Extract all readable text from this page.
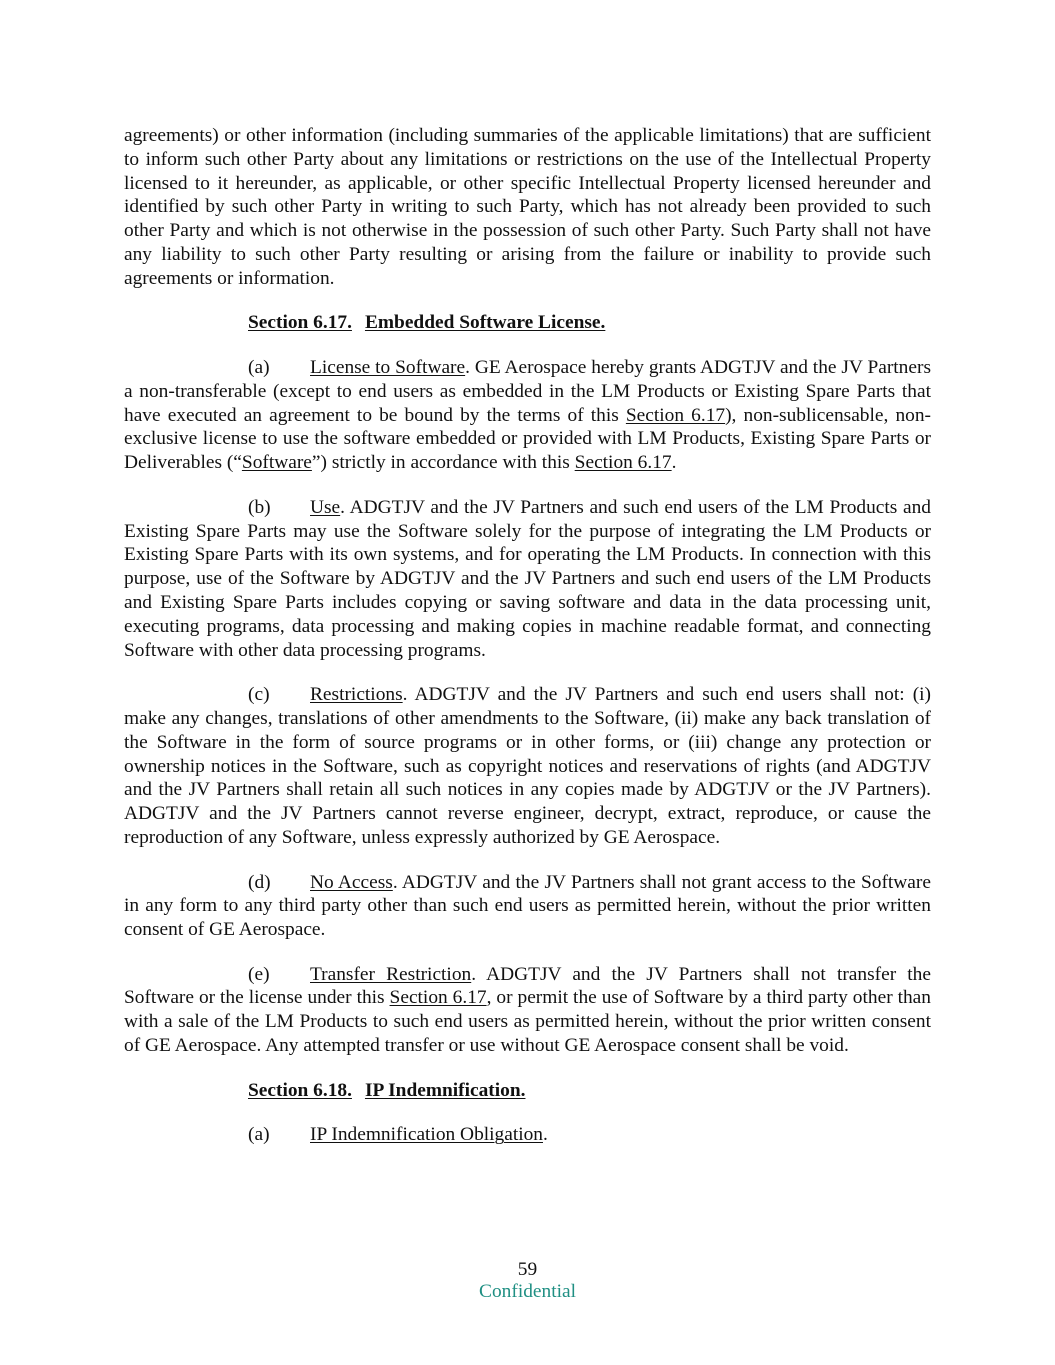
agreements) or other information (including summaries of the applicable limitations) that are sufficient to inform such other Party about any limitations or restrictions on the use of the Intellectual Property licensed to it hereunder, as applicable, or other specific Intellectual Property licensed hereunder and identified by such other Party in writing to such Party, which has not already been provided to such other Party and which is not otherwise in the possession of such other Party. Such Party shall not have any liability to such other Party resulting or arising from the failure or inability to provide such agreements or information.

Section 6.17. Embedded Software License.

(a) License to Software. GE Aerospace hereby grants ADGTJV and the JV Partners a non-transferable (except to end users as embedded in the LM Products or Existing Spare Parts that have executed an agreement to be bound by the terms of this Section 6.17), non-sublicensable, non-exclusive license to use the software embedded or provided with LM Products, Existing Spare Parts or Deliverables (“Software”) strictly in accordance with this Section 6.17.

(b) Use. ADGTJV and the JV Partners and such end users of the LM Products and Existing Spare Parts may use the Software solely for the purpose of integrating the LM Products or Existing Spare Parts with its own systems, and for operating the LM Products. In connection with this purpose, use of the Software by ADGTJV and the JV Partners and such end users of the LM Products and Existing Spare Parts includes copying or saving software and data in the data processing unit, executing programs, data processing and making copies in machine readable format, and connecting Software with other data processing programs.

(c) Restrictions. ADGTJV and the JV Partners and such end users shall not: (i) make any changes, translations of other amendments to the Software, (ii) make any back translation of the Software in the form of source programs or in other forms, or (iii) change any protection or ownership notices in the Software, such as copyright notices and reservations of rights (and ADGTJV and the JV Partners shall retain all such notices in any copies made by ADGTJV or the JV Partners). ADGTJV and the JV Partners cannot reverse engineer, decrypt, extract, reproduce, or cause the reproduction of any Software, unless expressly authorized by GE Aerospace.

(d) No Access. ADGTJV and the JV Partners shall not grant access to the Software in any form to any third party other than such end users as permitted herein, without the prior written consent of GE Aerospace.

(e) Transfer Restriction. ADGTJV and the JV Partners shall not transfer the Software or the license under this Section 6.17, or permit the use of Software by a third party other than with a sale of the LM Products to such end users as permitted herein, without the prior written consent of GE Aerospace. Any attempted transfer or use without GE Aerospace consent shall be void.

Section 6.18. IP Indemnification.

(a) IP Indemnification Obligation.

59
Confidential
